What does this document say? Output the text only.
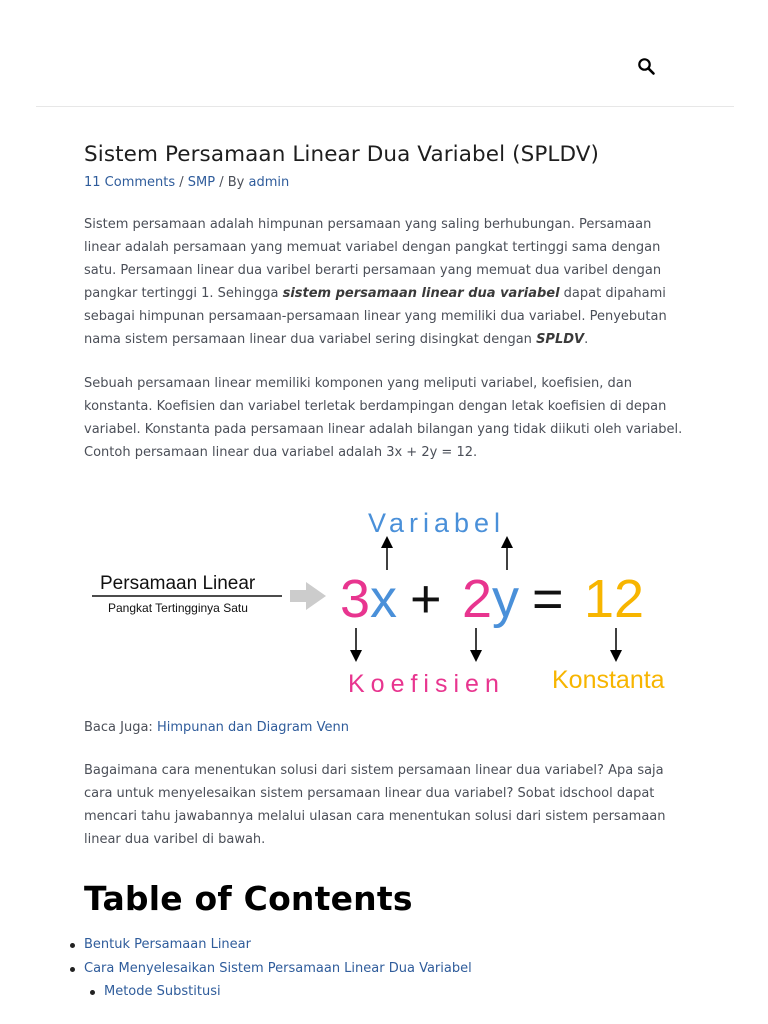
Sistem Persamaan Linear Dua Variabel (SPLDV)
11 Comments / SMP / By admin

Sistem persamaan adalah himpunan persamaan yang saling berhubungan. Persamaan linear adalah persamaan yang memuat variabel dengan pangkat tertinggi sama dengan satu. Persamaan linear dua varibel berarti persamaan yang memuat dua varibel dengan pangkar tertinggi 1. Sehingga sistem persamaan linear dua variabel dapat dipahami sebagai himpunan persamaan-persamaan linear yang memiliki dua variabel. Penyebutan nama sistem persamaan linear dua variabel sering disingkat dengan SPLDV.

Sebuah persamaan linear memiliki komponen yang meliputi variabel, koefisien, dan konstanta. Koefisien dan variabel terletak berdampingan dengan letak koefisien di depan variabel. Konstanta pada persamaan linear adalah bilangan yang tidak diikuti oleh variabel. Contoh persamaan linear dua variabel adalah 3x + 2y = 12.

Persamaan Linear
Pangkat Tertingginya Satu
Variabel
3 x + 2 y = 12
Koefisien Konstanta

Baca Juga: Himpunan dan Diagram Venn

Bagaimana cara menentukan solusi dari sistem persamaan linear dua variabel? Apa saja cara untuk menyelesaikan sistem persamaan linear dua variabel? Sobat idschool dapat mencari tahu jawabannya melalui ulasan cara menentukan solusi dari sistem persamaan linear dua varibel di bawah.

Table of Contents
Bentuk Persamaan Linear
Cara Menyelesaikan Sistem Persamaan Linear Dua Variabel
Metode Substitusi
